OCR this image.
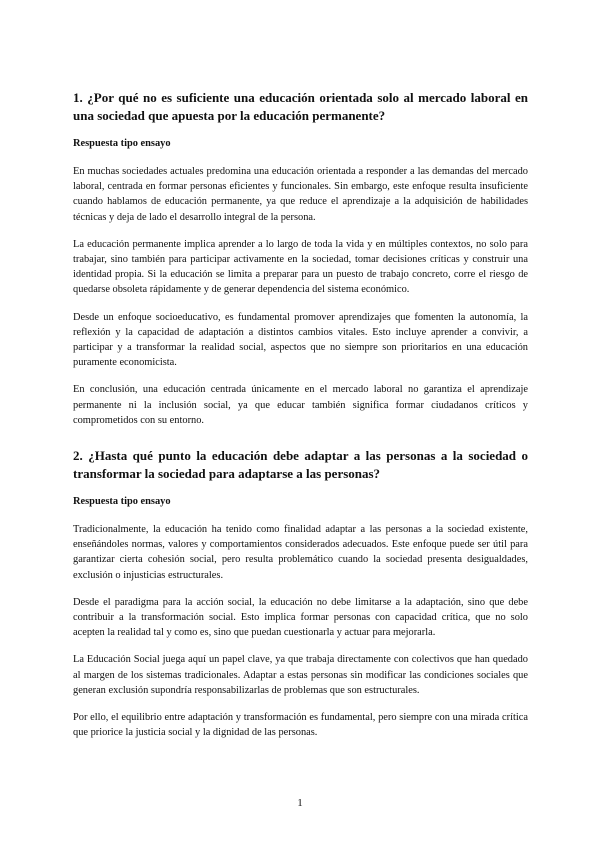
1. ¿Por qué no es suficiente una educación orientada solo al mercado laboral en una sociedad que apuesta por la educación permanente?
Respuesta tipo ensayo

En muchas sociedades actuales predomina una educación orientada a responder a las demandas del mercado laboral, centrada en formar personas eficientes y funcionales. Sin embargo, este enfoque resulta insuficiente cuando hablamos de educación permanente, ya que reduce el aprendizaje a la adquisición de habilidades técnicas y deja de lado el desarrollo integral de la persona.

La educación permanente implica aprender a lo largo de toda la vida y en múltiples contextos, no solo para trabajar, sino también para participar activamente en la sociedad, tomar decisiones críticas y construir una identidad propia. Si la educación se limita a preparar para un puesto de trabajo concreto, corre el riesgo de quedarse obsoleta rápidamente y de generar dependencia del sistema económico.

Desde un enfoque socioeducativo, es fundamental promover aprendizajes que fomenten la autonomía, la reflexión y la capacidad de adaptación a distintos cambios vitales. Esto incluye aprender a convivir, a participar y a transformar la realidad social, aspectos que no siempre son prioritarios en una educación puramente economicista.

En conclusión, una educación centrada únicamente en el mercado laboral no garantiza el aprendizaje permanente ni la inclusión social, ya que educar también significa formar ciudadanos críticos y comprometidos con su entorno.

2. ¿Hasta qué punto la educación debe adaptar a las personas a la sociedad o transformar la sociedad para adaptarse a las personas?
Respuesta tipo ensayo

Tradicionalmente, la educación ha tenido como finalidad adaptar a las personas a la sociedad existente, enseñándoles normas, valores y comportamientos considerados adecuados. Este enfoque puede ser útil para garantizar cierta cohesión social, pero resulta problemático cuando la sociedad presenta desigualdades, exclusión o injusticias estructurales.

Desde el paradigma para la acción social, la educación no debe limitarse a la adaptación, sino que debe contribuir a la transformación social. Esto implica formar personas con capacidad crítica, que no solo acepten la realidad tal y como es, sino que puedan cuestionarla y actuar para mejorarla.

La Educación Social juega aquí un papel clave, ya que trabaja directamente con colectivos que han quedado al margen de los sistemas tradicionales. Adaptar a estas personas sin modificar las condiciones sociales que generan exclusión supondría responsabilizarlas de problemas que son estructurales.

Por ello, el equilibrio entre adaptación y transformación es fundamental, pero siempre con una mirada crítica que priorice la justicia social y la dignidad de las personas.

1
